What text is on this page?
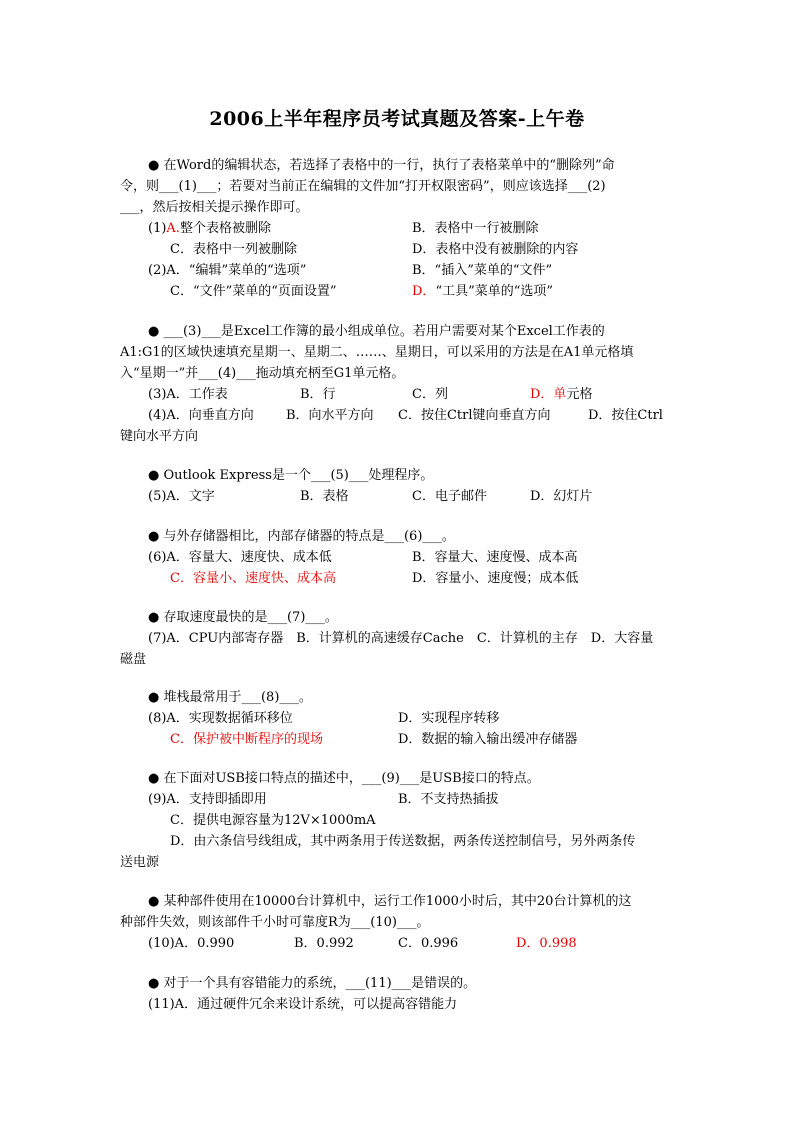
2006上半年程序员考试真题及答案-上午卷
● 在Word的编辑状态，若选择了表格中的一行，执行了表格菜单中的“删除列”命
令，则___(1)___；若要对当前正在编辑的文件加“打开权限密码”，则应该选择___(2)
___，然后按相关提示操作即可。
(1)A.整个表格被删除	B．表格中一行被删除
C．表格中一列被删除	D．表格中没有被删除的内容
(2)A．“编辑”菜单的“选项”	B．“插入”菜单的“文件”
C．“文件”菜单的“页面设置”	D．“工具”菜单的“选项”
● ___(3)___是Excel工作簿的最小组成单位。若用户需要对某个Excel工作表的
A1:G1的区域快速填充星期一、星期二、……、星期日，可以采用的方法是在A1单元格填
入“星期一”并___(4)___拖动填充柄至G1单元格。
(3)A．工作表	B．行	C．列	D．单元格
(4)A．向垂直方向 B．向水平方向 C．按住Ctrl键向垂直方向	D．按住Ctrl
键向水平方向
● Outlook Express是一个___(5)___处理程序。
(5)A．文字	B．表格	C．电子邮件	D．幻灯片
● 与外存储器相比，内部存储器的特点是___(6)___。
(6)A．容量大、速度快、成本低	B．容量大、速度慢、成本高
C．容量小、速度快、成本高	D．容量小、速度慢；成本低
● 存取速度最快的是___(7)___。
(7)A．CPU内部寄存器　B．计算机的高速缓存Cache　C．计算机的主存　D．大容量
磁盘
● 堆栈最常用于___(8)___。
(8)A．实现数据循环移位	D．实现程序转移
C．保护被中断程序的现场	D．数据的输入输出缓冲存储器
● 在下面对USB接口特点的描述中，___(9)___是USB接口的特点。
(9)A．支持即插即用	B．不支持热插拔
C．提供电源容量为12V×1000mA
D．由六条信号线组成，其中两条用于传送数据，两条传送控制信号，另外两条传
送电源
● 某种部件使用在10000台计算机中，运行工作1000小时后，其中20台计算机的这
种部件失效，则该部件千小时可靠度R为___(10)___。
(10)A．0.990	B．0.992	C．0.996	D．0.998
● 对于一个具有容错能力的系统，___(11)___是错误的。
(11)A．通过硬件冗余来设计系统，可以提高容错能力
